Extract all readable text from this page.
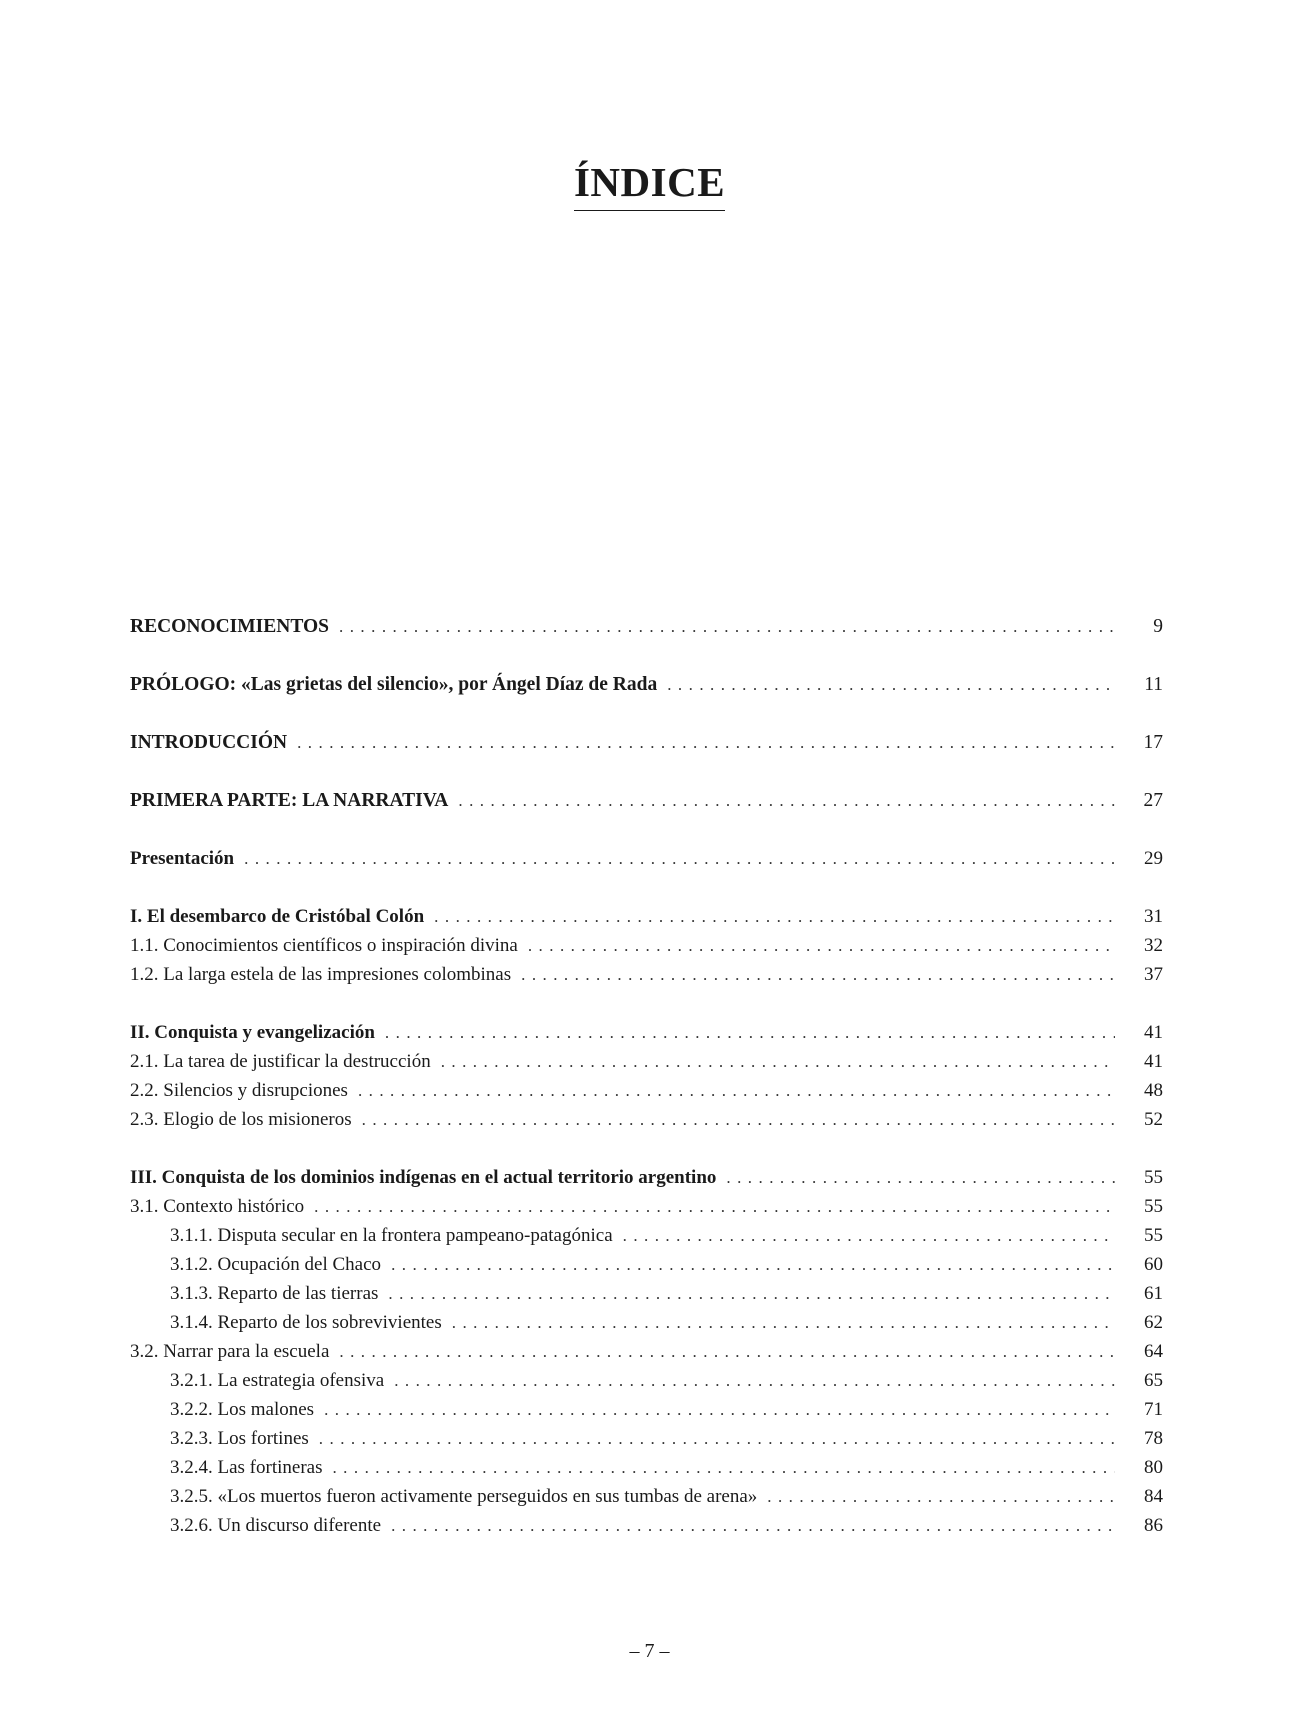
ÍNDICE
RECONOCIMIENTOS . . .	9
PRÓLOGO: «Las grietas del silencio», por Ángel Díaz de Rada . . .	11
INTRODUCCIÓN . . .	17
PRIMERA PARTE: LA NARRATIVA . . .	27
Presentación . . .	29
I. El desembarco de Cristóbal Colón . . .	31
1.1. Conocimientos científicos o inspiración divina . . .	32
1.2. La larga estela de las impresiones colombinas . . .	37
II. Conquista y evangelización . . .	41
2.1. La tarea de justificar la destrucción . . .	41
2.2. Silencios y disrupciones . . .	48
2.3. Elogio de los misioneros . . .	52
III. Conquista de los dominios indígenas en el actual territorio argentino . . .	55
3.1. Contexto histórico . . .	55
3.1.1. Disputa secular en la frontera pampeano-patagónica . . .	55
3.1.2. Ocupación del Chaco . . .	60
3.1.3. Reparto de las tierras . . .	61
3.1.4. Reparto de los sobrevivientes . . .	62
3.2. Narrar para la escuela . . .	64
3.2.1. La estrategia ofensiva . . .	65
3.2.2. Los malones . . .	71
3.2.3. Los fortines . . .	78
3.2.4. Las fortineras . . .	80
3.2.5. «Los muertos fueron activamente perseguidos en sus tumbas de arena» . . .	84
3.2.6. Un discurso diferente . . .	86
– 7 –
